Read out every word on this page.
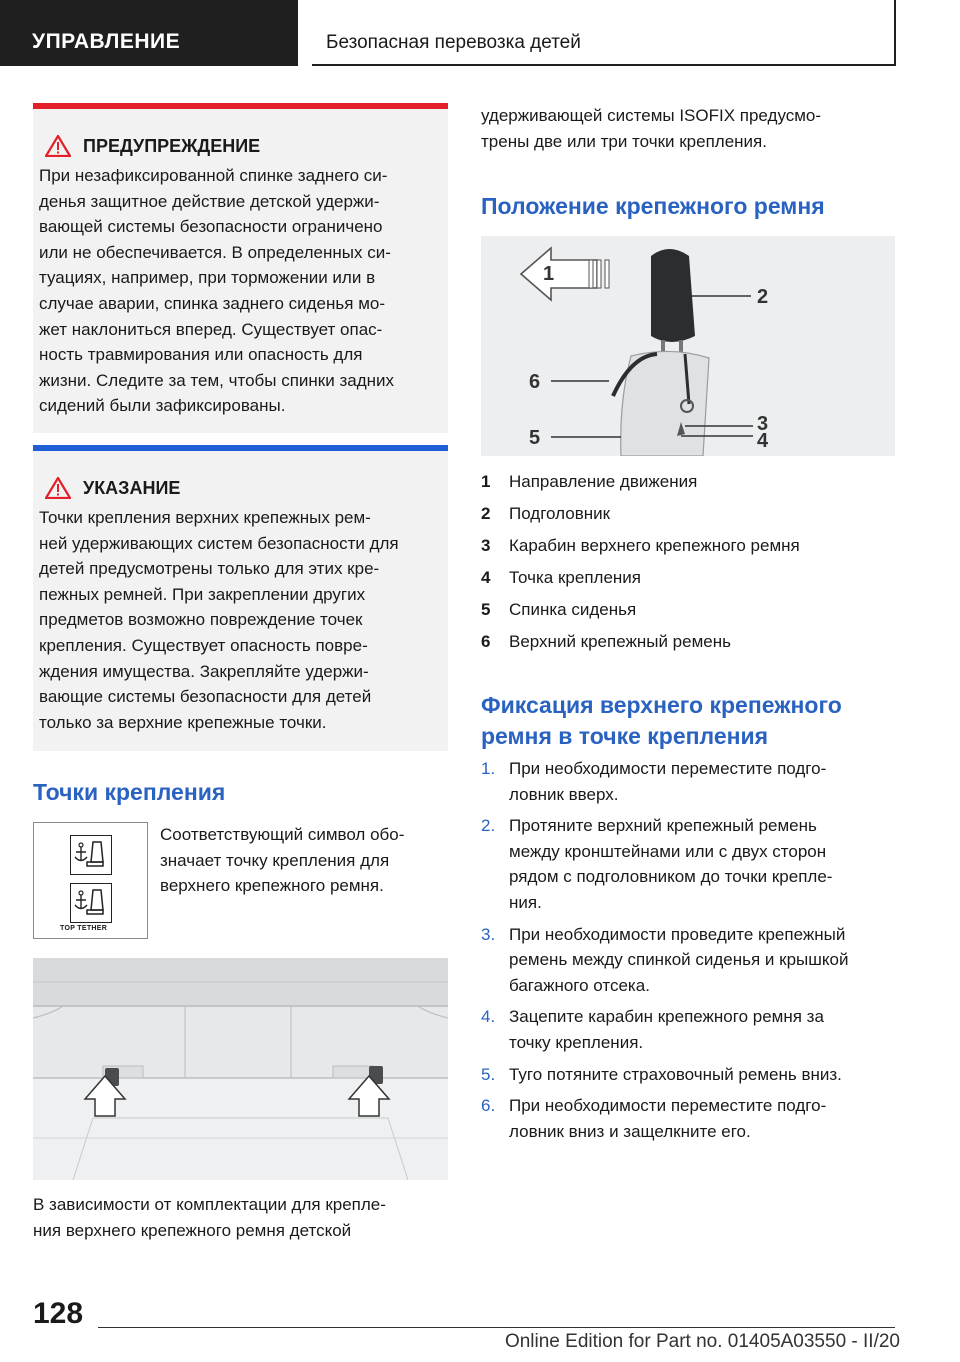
УПРАВЛЕНИЕ	Безопасная перевозка детей
ПРЕДУПРЕЖДЕНИЕ
При незафиксированной спинке заднего си-
денья защитное действие детской удержи-
вающей системы безопасности ограничено
или не обеспечивается. В определенных си-
туациях, например, при торможении или в
случае аварии, спинка заднего сиденья мо-
жет наклониться вперед. Существует опас-
ность травмирования или опасность для
жизни. Следите за тем, чтобы спинки задних
сидений были зафиксированы.
УКАЗАНИЕ
Точки крепления верхних крепежных рем-
ней удерживающих систем безопасности для
детей предусмотрены только для этих кре-
пежных ремней. При закреплении других
предметов возможно повреждение точек
крепления. Существует опасность повре-
ждения имущества. Закрепляйте удержи-
вающие системы безопасности для детей
только за верхние крепежные точки.
Точки крепления
TOP TETHER
Соответствующий символ обо-
значает точку крепления для
верхнего крепежного ремня.
В зависимости от комплектации для крепле-
ния верхнего крепежного ремня детской
удерживающей системы ISOFIX предусмо-
трены две или три точки крепления.
Положение крепежного ремня
1
2
3
4
5
6
1	Направление движения
2	Подголовник
3	Карабин верхнего крепежного ремня
4	Точка крепления
5	Спинка сиденья
6	Верхний крепежный ремень
Фиксация верхнего крепежного
ремня в точке крепления
1. При необходимости переместите подго-
ловник вверх.
2. Протяните верхний крепежный ремень
между кронштейнами или с двух сторон
рядом с подголовником до точки крепле-
ния.
3. При необходимости проведите крепежный
ремень между спинкой сиденья и крышкой
багажного отсека.
4. Зацепите карабин крепежного ремня за
точку крепления.
5. Туго потяните страховочный ремень вниз.
6. При необходимости переместите подго-
ловник вниз и защелкните его.
128
Online Edition for Part no. 01405A03550 - II/20
